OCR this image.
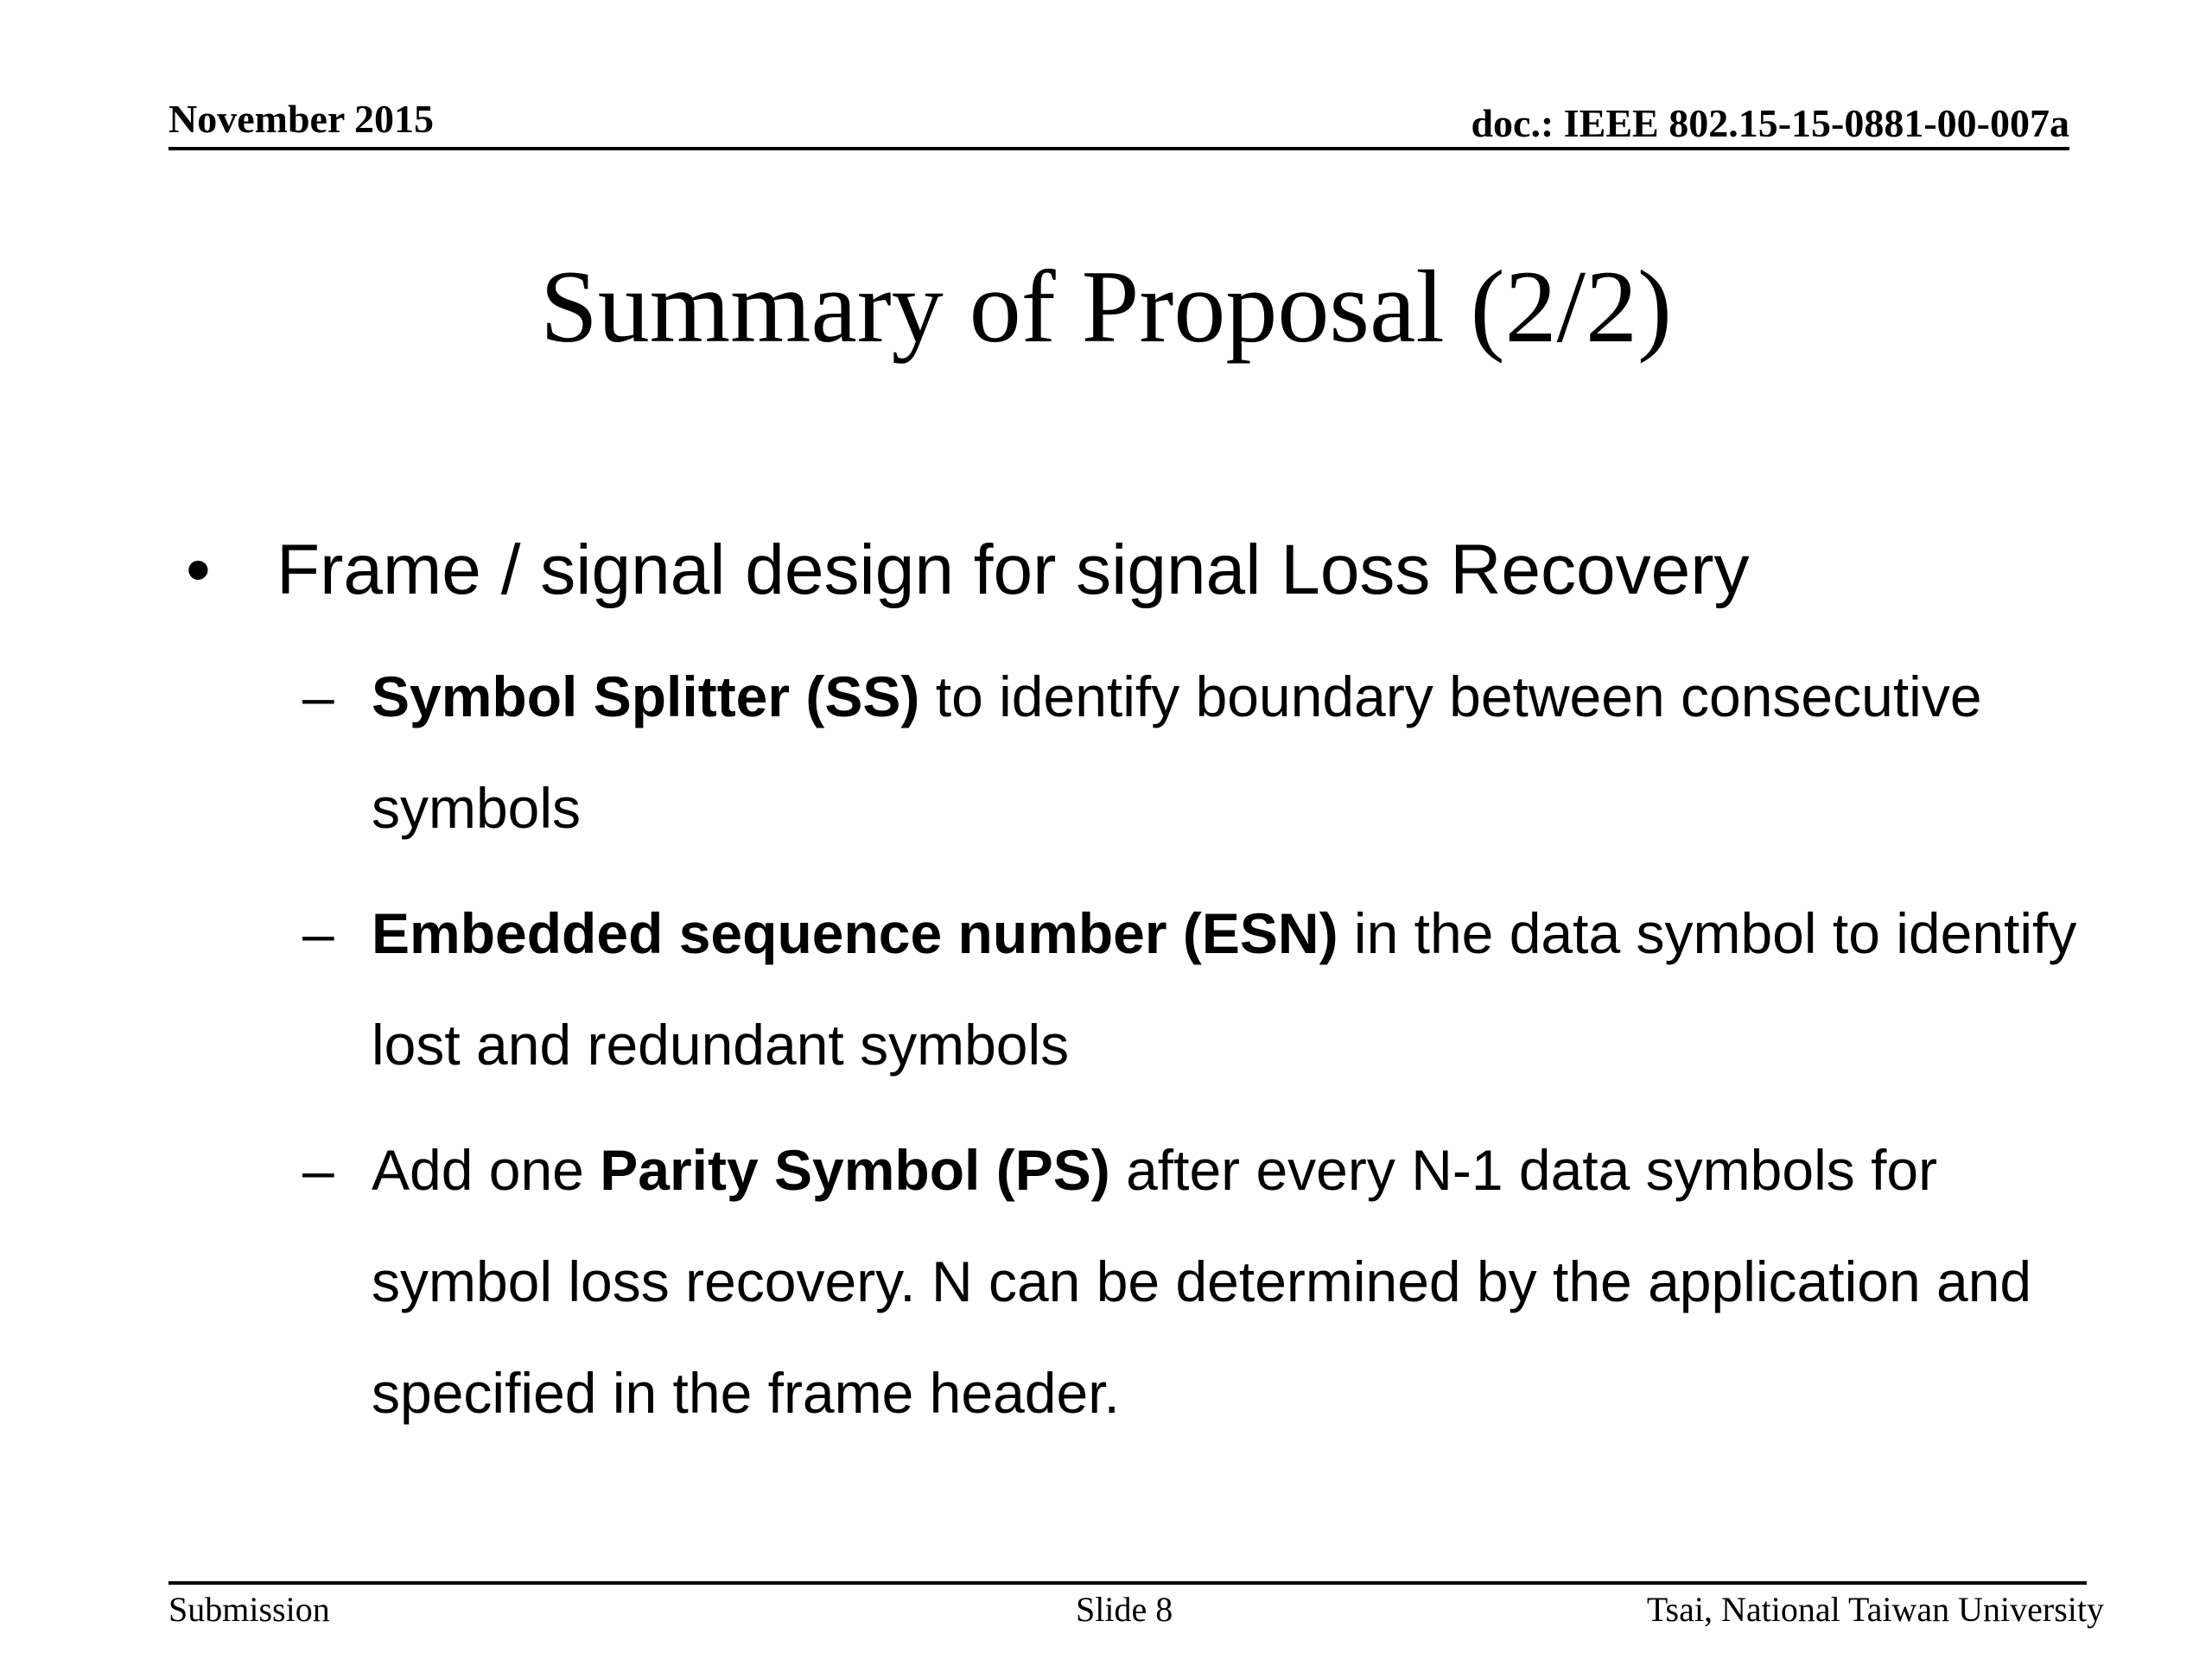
November 2015	doc.: IEEE 802.15-15-0881-00-007a
Summary of Proposal (2/2)
• Frame / signal design for signal Loss Recovery
– Symbol Splitter (SS) to identify boundary between consecutive symbols
– Embedded sequence number (ESN) in the data symbol to identify lost and redundant symbols
– Add one Parity Symbol (PS) after every N-1 data symbols for symbol loss recovery. N can be determined by the application and specified in the frame header.
Submission	Slide 8	Tsai, National Taiwan University
